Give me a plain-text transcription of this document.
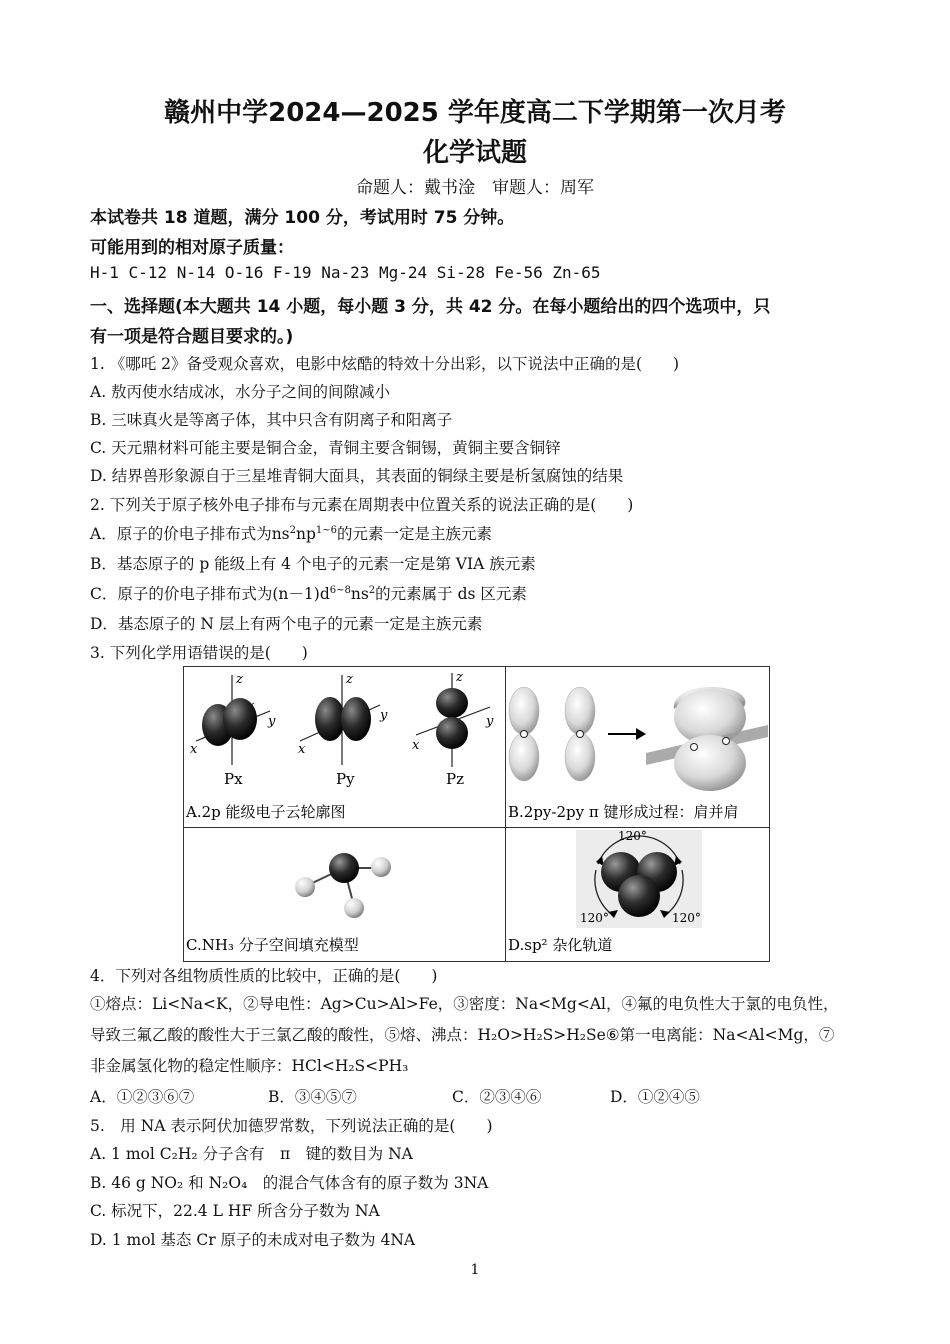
赣州中学2024—2025 学年度高二下学期第一次月考
化学试题
命题人：戴书淦　审题人：周军
本试卷共 18 道题，满分 100 分，考试用时 75 分钟。
可能用到的相对原子质量：
H-1 C-12 N-14 O-16 F-19 Na-23 Mg-24 Si-28 Fe-56 Zn-65
一、选择题(本大题共 14 小题，每小题 3 分，共 42 分。在每小题给出的四个选项中，只
有一项是符合题目要求的。)
1. 《哪吒 2》备受观众喜欢，电影中炫酷的特效十分出彩，以下说法中正确的是(　　)
A. 敖丙使水结成冰，水分子之间的间隙减小
B. 三味真火是等离子体，其中只含有阴离子和阳离子
C. 天元鼎材料可能主要是铜合金，青铜主要含铜锡，黄铜主要含铜锌
D. 结界兽形象源自于三星堆青铜大面具，其表面的铜绿主要是析氢腐蚀的结果
2. 下列关于原子核外电子排布与元素在周期表中位置关系的说法正确的是(　　)
A．原子的价电子排布式为$ns^2np^{1\sim 6}$的元素一定是主族元素
B．基态原子的 p 能级上有 4 个电子的元素一定是第 VIA 族元素
C．原子的价电子排布式为$(n-1)d^{6\sim 8}ns^2$的元素属于 ds 区元素
D．基态原子的 N 层上有两个电子的元素一定是主族元素
3. 下列化学用语错误的是(　　)
z
y
x
Px
z
y
x
Py
z
y
x
Pz
A.2p 能级电子云轮廓图	B.2py-2py π 键形成过程：肩并肩
C.NH₃ 分子空间填充模型
120°
120°	120°
D.sp² 杂化轨道
4．下列对各组物质性质的比较中，正确的是(　　)
①熔点：Li<Na<K，②导电性：Ag>Cu>Al>Fe，③密度：Na<Mg<Al，④氟的电负性大于氯的电负性，
导致三氟乙酸的酸性大于三氯乙酸的酸性，⑤熔、沸点：H₂O>H₂S>H₂Se⑥第一电离能：Na<Al<Mg，⑦
非金属氢化物的稳定性顺序：HCl<H₂S<PH₃
A．①②③⑥⑦	B．③④⑤⑦	C．②③④⑥	D．①②④⑤
5.　用 NA 表示阿伏加德罗常数，下列说法正确的是(　　)
A. 1 mol C₂H₂ 分子含有　π　键的数目为 NA
B. 46 g NO₂ 和 N₂O₄　的混合气体含有的原子数为 3NA
C. 标况下，22.4 L HF 所含分子数为 NA
D. 1 mol 基态 Cr 原子的未成对电子数为 4NA
1
